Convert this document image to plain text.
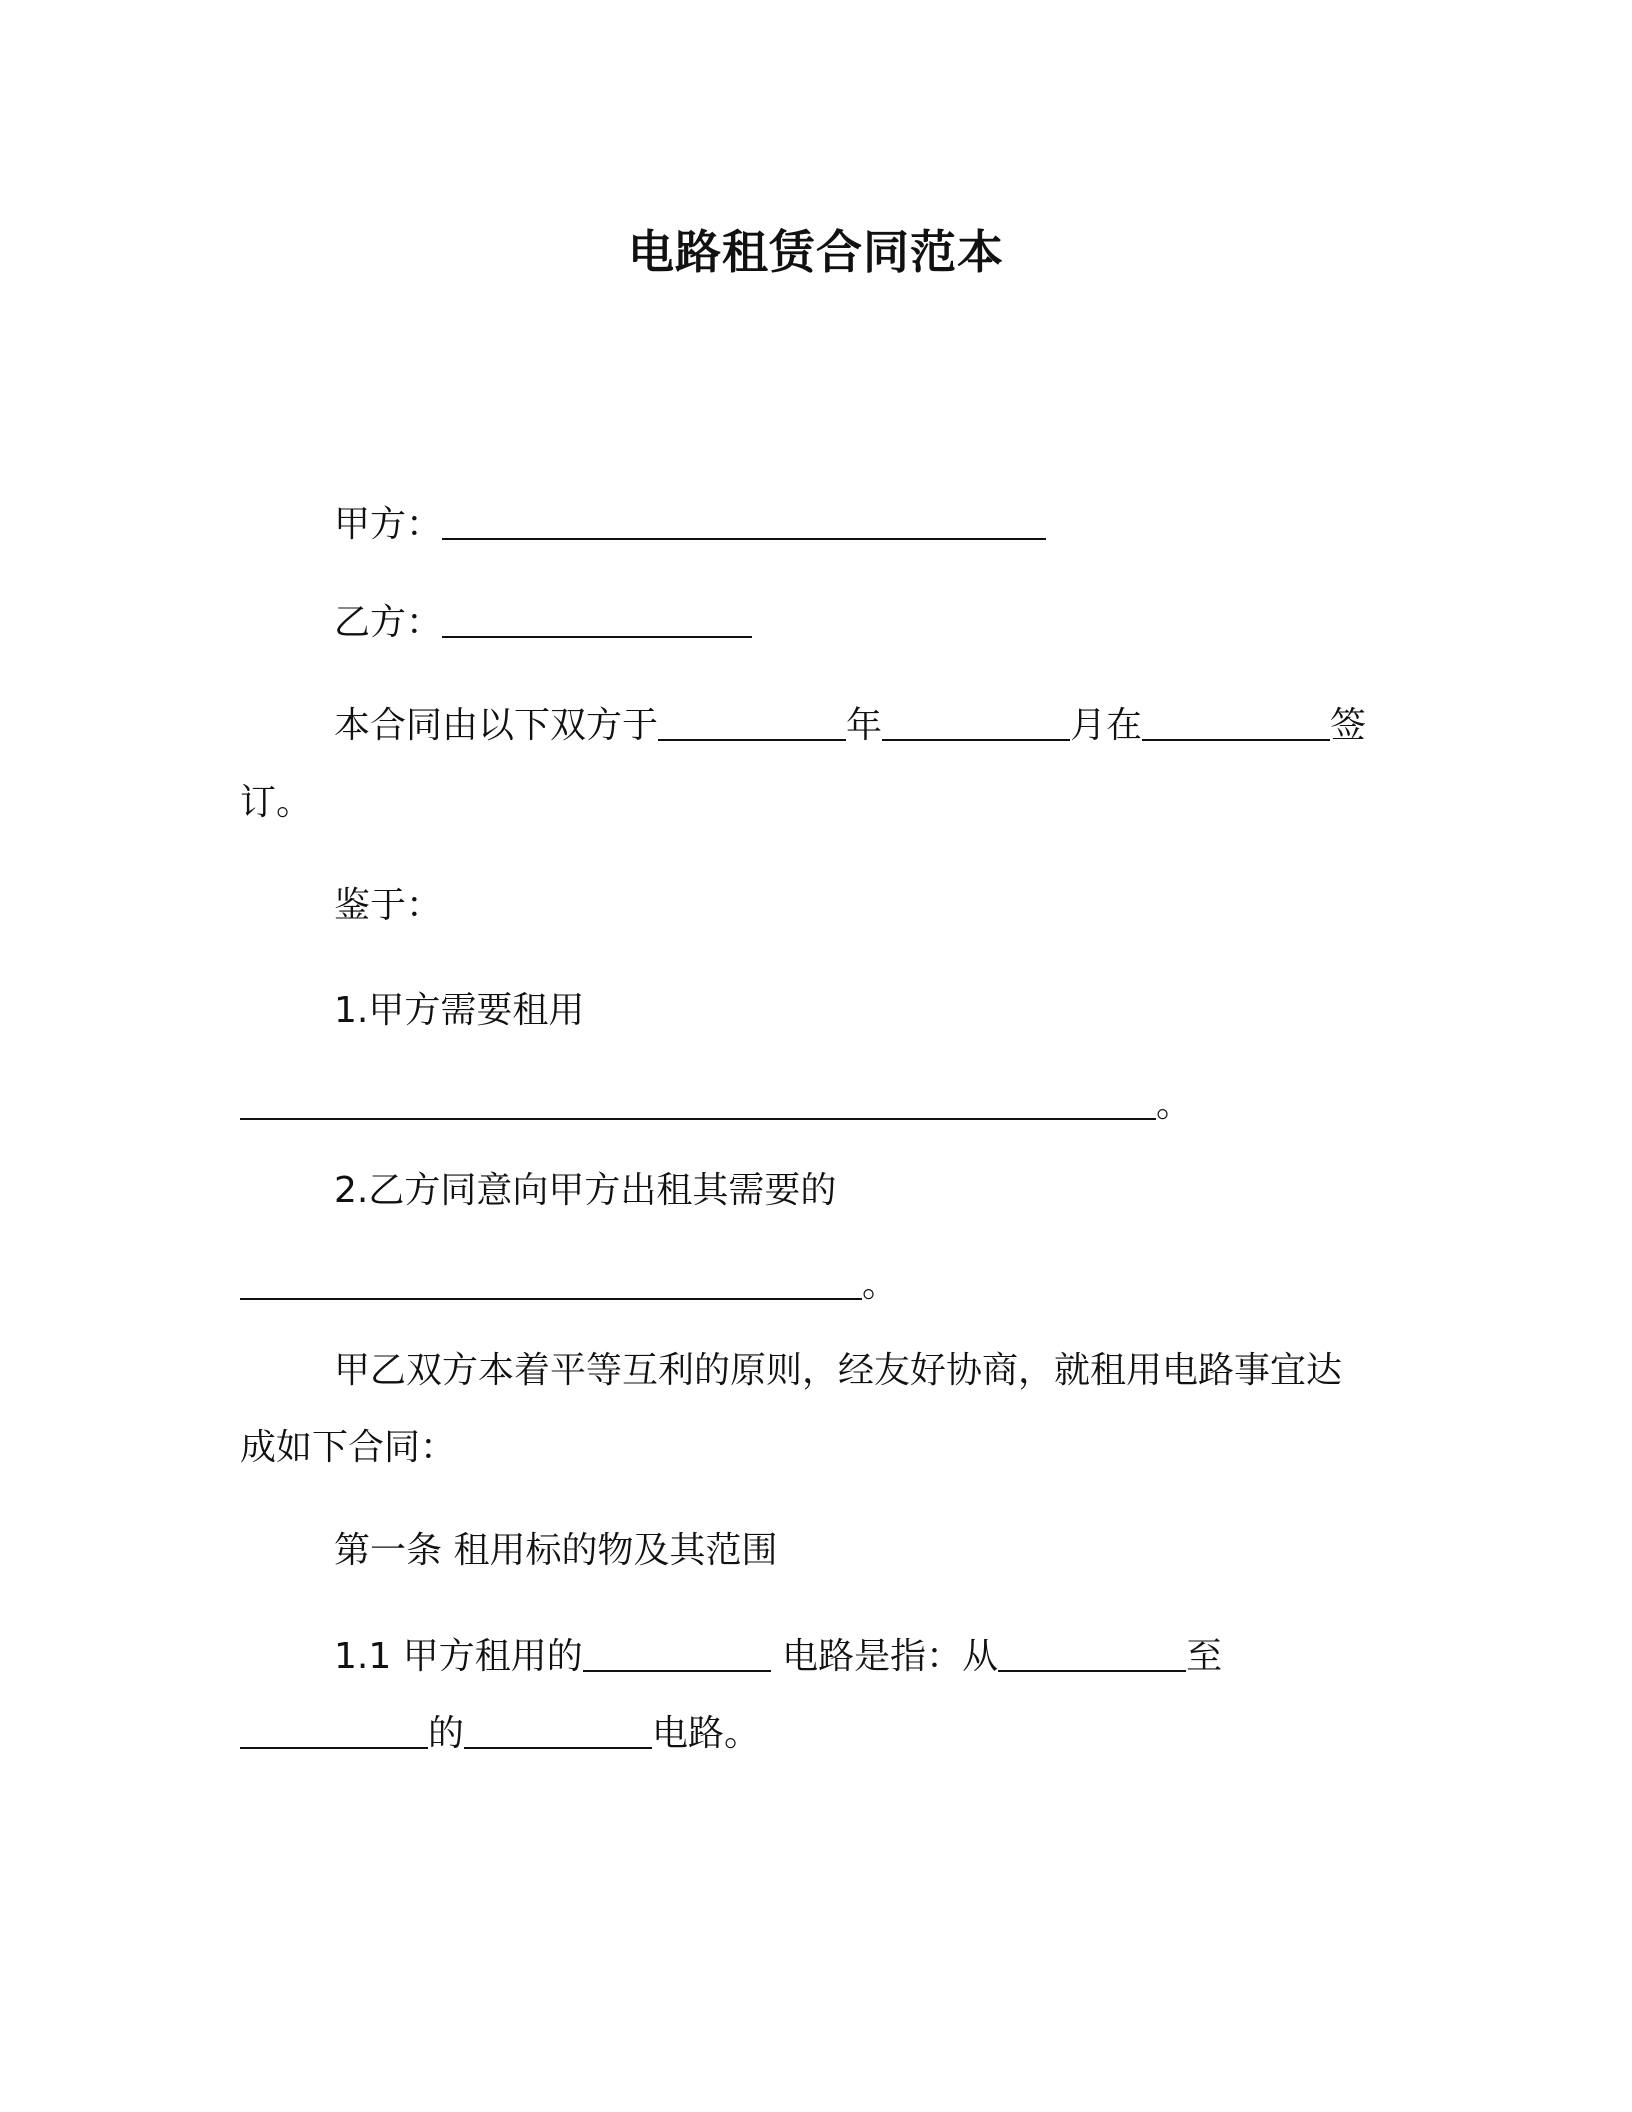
电路租赁合同范本
甲方：
乙方：
本合同由以下双方于	年	月在	签
订。
鉴于：
1.甲方需要租用
。
2.乙方同意向甲方出租其需要的
。
甲乙双方本着平等互利的原则，经友好协商，就租用电路事宜达
成如下合同：
第一条 租用标的物及其范围
1.1 甲方租用的	电路是指：从	至
的	电路。
